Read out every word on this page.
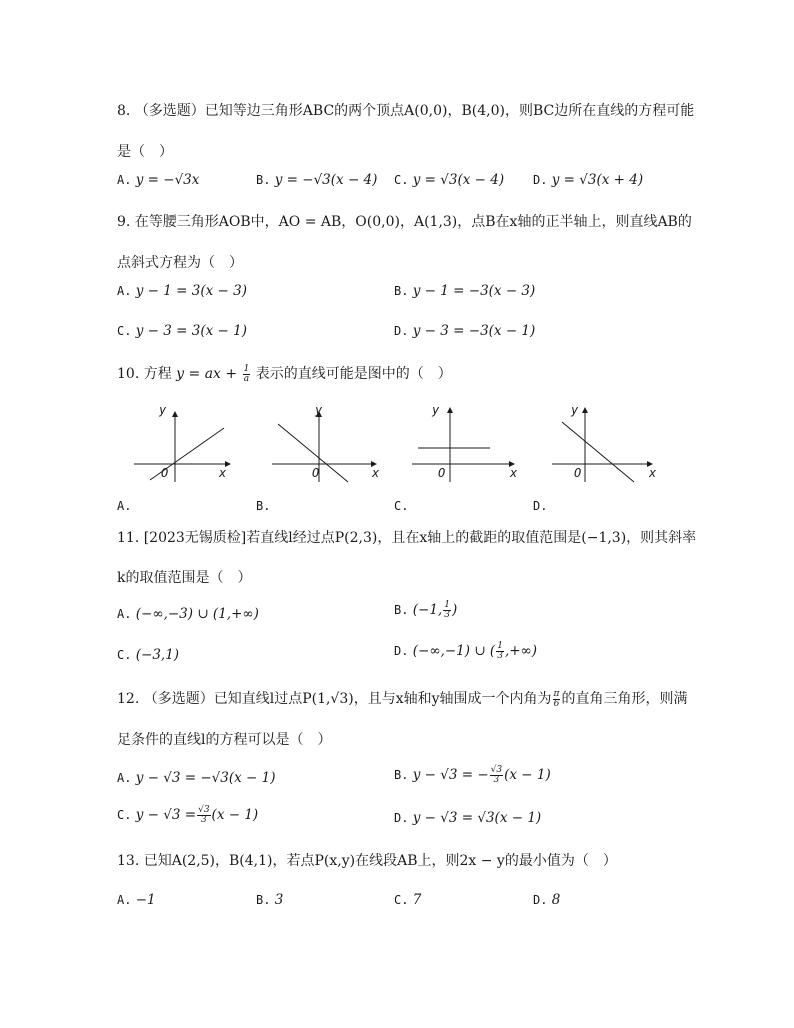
8. （多选题）已知等边三角形ABC的两个顶点A(0,0)，B(4,0)，则BC边所在直线的方程可能
是（　）
A. y = −√3x	B. y = −√3(x − 4) C. y = √3(x − 4) D. y = √3(x + 4)
9. 在等腰三角形AOB中，AO = AB，O(0,0)，A(1,3)，点B在x轴的正半轴上，则直线AB的
点斜式方程为（　）
A. y − 1 = 3(x − 3)	B. y − 1 = −3(x − 3)
C. y − 3 = 3(x − 1)	D. y − 3 = −3(x − 1)
10. 方程 y = ax + $\frac{1}{a}$ 表示的直线可能是图中的（　）
y
x
O
A.
y
x
O
B.
y
x
O
C.
y
x
O
D.
11. [2023无锡质检]若直线l经过点P(2,3)，且在x轴上的截距的取值范围是(−1,3)，则其斜率
k的取值范围是（　）
A. (−∞,−3) ∪ (1,+∞)	B. (−1, $\frac{1}{3}$ )
C. (−3,1)	D. (−∞,−1) ∪ ( $\frac{1}{3}$ ,+∞)
12. （多选题）已知直线l过点P(1,√3)，且与x轴和y轴围成一个内角为 $\frac{\pi}{6}$ 的直角三角形，则满
足条件的直线l的方程可以是（　）
A. y − √3 = −√3(x − 1)	B. y − √3 = − $\frac{√3}{3} (x - 1)$
C. $y - √3 = \frac{√3}{3} (x - 1)$	D. y − √3 = √3(x − 1)
13. 已知A(2,5)，B(4,1)，若点P(x,y)在线段AB上，则2x − y的最小值为（　）
A. −1	B. 3	C. 7	D. 8
